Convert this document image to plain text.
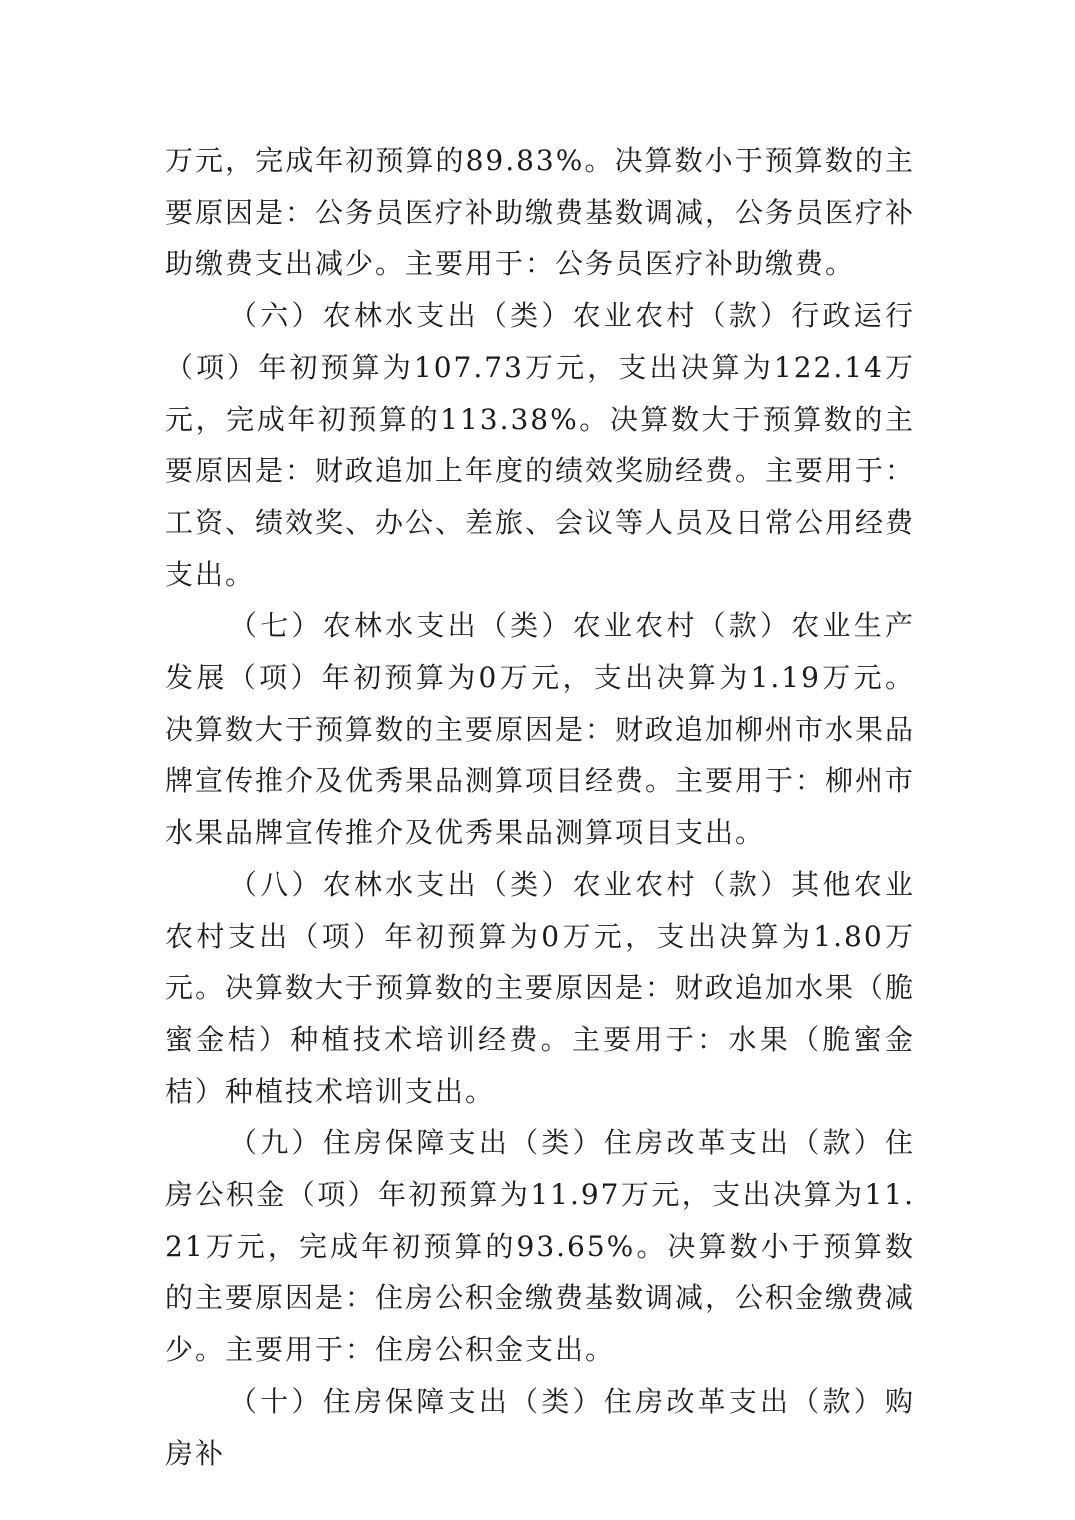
万元，完成年初预算的89.83%。决算数小于预算数的主要原因是：公务员医疗补助缴费基数调减，公务员医疗补助缴费支出减少。主要用于：公务员医疗补助缴费。

（六）农林水支出（类）农业农村（款）行政运行（项）年初预算为107.73万元，支出决算为122.14万元，完成年初预算的113.38%。决算数大于预算数的主要原因是：财政追加上年度的绩效奖励经费。主要用于：工资、绩效奖、办公、差旅、会议等人员及日常公用经费支出。

（七）农林水支出（类）农业农村（款）农业生产发展（项）年初预算为0万元，支出决算为1.19万元。决算数大于预算数的主要原因是：财政追加柳州市水果品牌宣传推介及优秀果品测算项目经费。主要用于：柳州市水果品牌宣传推介及优秀果品测算项目支出。

（八）农林水支出（类）农业农村（款）其他农业农村支出（项）年初预算为0万元，支出决算为1.80万元。决算数大于预算数的主要原因是：财政追加水果（脆蜜金桔）种植技术培训经费。主要用于：水果（脆蜜金桔）种植技术培训支出。

（九）住房保障支出（类）住房改革支出（款）住房公积金（项）年初预算为11.97万元，支出决算为11.21万元，完成年初预算的93.65%。决算数小于预算数的主要原因是：住房公积金缴费基数调减，公积金缴费减少。主要用于：住房公积金支出。

（十）住房保障支出（类）住房改革支出（款）购房补
